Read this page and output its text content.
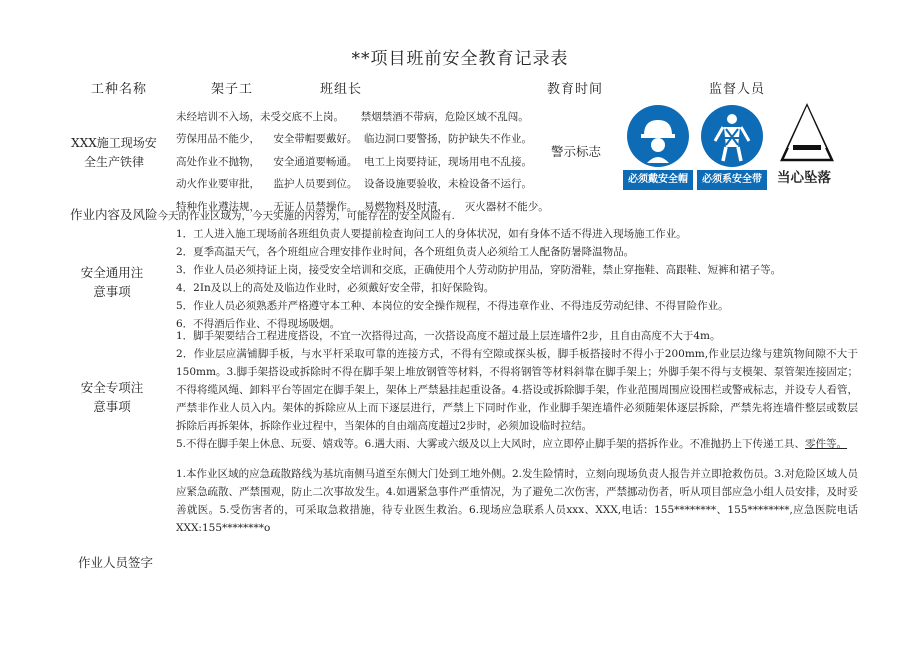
**项目班前安全教育记录表
工种名称	架子工	班组长	教育时间	监督人员
XXX施工现场安全生产铁律
未经培训不入场，未受交底不上岗。 禁烟禁酒不带病，危险区域不乱闯。
劳保用品不能少， 安全带帽要戴好。 临边洞口要警扬，防护缺失不作业。
高处作业不抛物， 安全通道要畅通。 电工上岗要持证，现场用电不乱接。
动火作业要审批， 监护人员要到位。 设备设施要验收，未检设备不运行。
特种作业遵法规， 无证人员禁操作。 易燃物料及时清， 灭火器材不能少。
警示标志
必须戴安全帽	必须系安全带	当心坠落
作业内容及风险今天的作业区域为，今天实施的内容为，可能存在的安全风险有.
安全通用注意事项
1．工人进入施工现场前各班组负责人要提前检查询问工人的身体状况，如有身体不适不得进入现场施工作业。
2．夏季高温天气，各个班组应合理安排作业时间，各个班组负责人必须给工人配备防暑降温物品。
3．作业人员必须持证上岗，接受安全培训和交底，正确使用个人劳动防护用品，穿防滑鞋，禁止穿拖鞋、高跟鞋、短裤和裙子等。
4．2In及以上的高处及临边作业时，必须戴好安全带，扣好保险钩。
5．作业人员必须熟悉并严格遵守本工种、本岗位的安全操作规程，不得违章作业、不得违反劳动纪律、不得冒险作业。
6．不得酒后作业、不得现场吸烟。
安全专项注意事项
1．脚手架要结合工程进度搭设，不宜一次搭得过高，一次搭设高度不超过最上层连墙件2步，且自由高度不大于4m。
2．作业层应满铺脚手板，与水平杆采取可靠的连接方式，不得有空隙或探头板，脚手板搭接时不得小于200mm,作业层边缘与建筑物间隙不大于150mm。3.脚手架搭设或拆除时不得在脚手架上堆放钢管等材料，不得将钢管等材料斜靠在脚手架上；外脚手架不得与支模架、泵管架连接固定；不得将缆风绳、卸料平台等固定在脚手架上，架体上严禁悬挂起重设备。4.搭设或拆除脚手架，作业范围周围应设围栏或警戒标志，并设专人看管，严禁非作业人员入内。架体的拆除应从上而下逐层进行，严禁上下同时作业，作业脚手架连墙件必须随架体逐层拆除，严禁先将连墙件整层或数层拆除后再拆架体，拆除作业过程中，当架体的自由端高度超过2步时，必须加设临时拉结。
5.不得在脚手架上休息、玩耍、嬉戏等。6.遇大雨、大雾或六级及以上大风时，应立即停止脚手架的搭拆作业。不准抛扔上下传递工具、零件等。
1.本作业区域的应急疏散路线为基坑南侧马道至东侧大门处到工地外侧。2.发生险情时，立刻向现场负责人报告并立即抢救伤员。3.对危险区域人员应紧急疏散、严禁围观，防止二次事故发生。4.如遇紧急事件严重情况，为了避免二次伤害，严禁挪动伤者，听从项目部应急小组人员安排，及时妥善就医。5.受伤害者的，可采取急救措施，待专业医生救治。6.现场应急联系人员xxx、XXX,电话：155********、155********,应急医院电话XXX:155********o
作业人员签字
